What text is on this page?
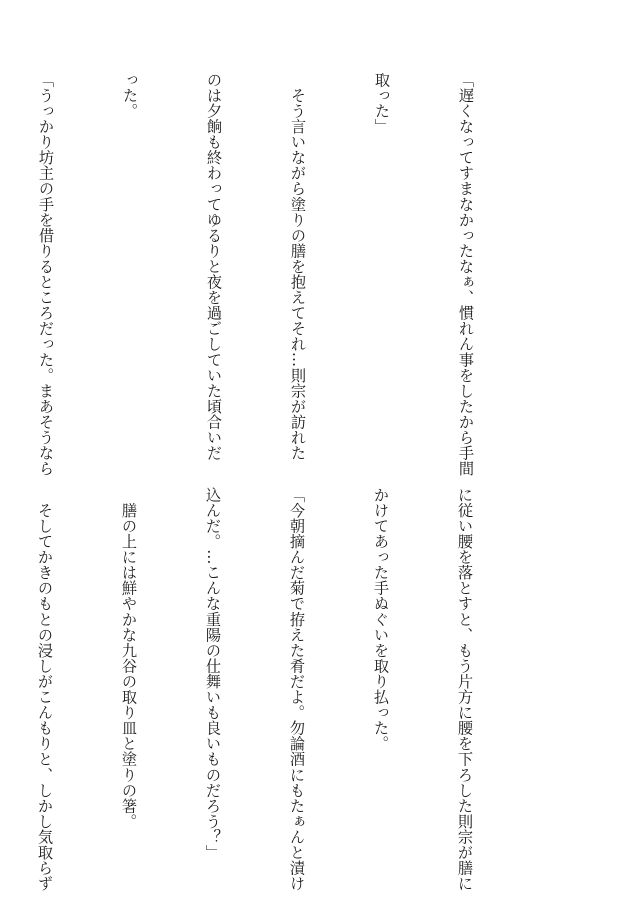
「遅くなってすまなかったなぁ、慣れん事をしたから手間

取った」

　そう言いながら塗りの膳を抱えてそれ…則宗が訪れた

のは夕餉も終わってゆるりと夜を過ごしていた頃合いだ

った。

「うっかり坊主の手を借りるところだった。まあそうなら

に従い腰を落とすと、もう片方に腰を下ろした則宗が膳に

かけてあった手ぬぐいを取り払った。

「今朝摘んだ菊で拵えた肴だよ。勿論酒にもたぁんと漬け

込んだ。…こんな重陽の仕舞いも良いものだろう？」

　膳の上には鮮やかな九谷の取り皿と塗りの箸。

　そしてかきのもとの浸しがこんもりと、しかし気取らず
